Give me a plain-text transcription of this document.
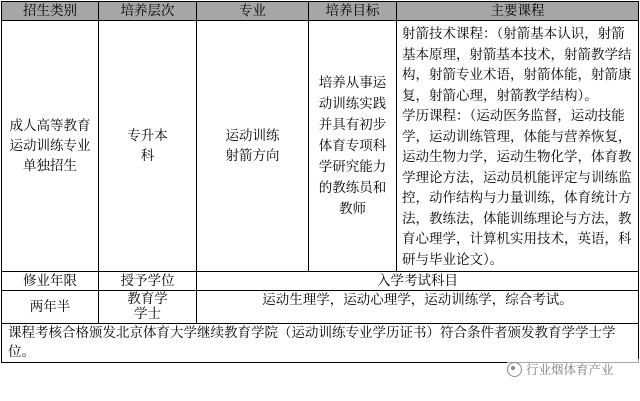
招生类别	培养层次	专业	培养目标	主要课程
成人高等教育运动训练专业单独招生	专升本科	运动训练射箭方向	培养从事运动训练实践并具有初步体育专项科学研究能力的教练员和教师	射箭技术课程：（射箭基本认识，射箭基本原理，射箭基本技术，射箭教学结构，射箭专业术语，射箭体能，射箭康复，射箭心理，射箭教学结构）。
学历课程：（运动医务监督，运动技能学，运动训练管理，体能与营养恢复，运动生物力学，运动生物化学，体育教学理论方法，运动员机能评定与训练监控，动作结构与力量训练，体育统计方法，教练法，体能训练理论与方法，教育心理学，计算机实用技术，英语，科研与毕业论文）。
修业年限	授予学位	入学考试科目		
两年半	教育学学士	运动生理学，运动心理学，运动训练学，综合考试。		
课程考核合格颁发北京体育大学继续教育学院（运动训练专业学历证书）符合条件者颁发教育学学士学位。				
行业烟体育产业
